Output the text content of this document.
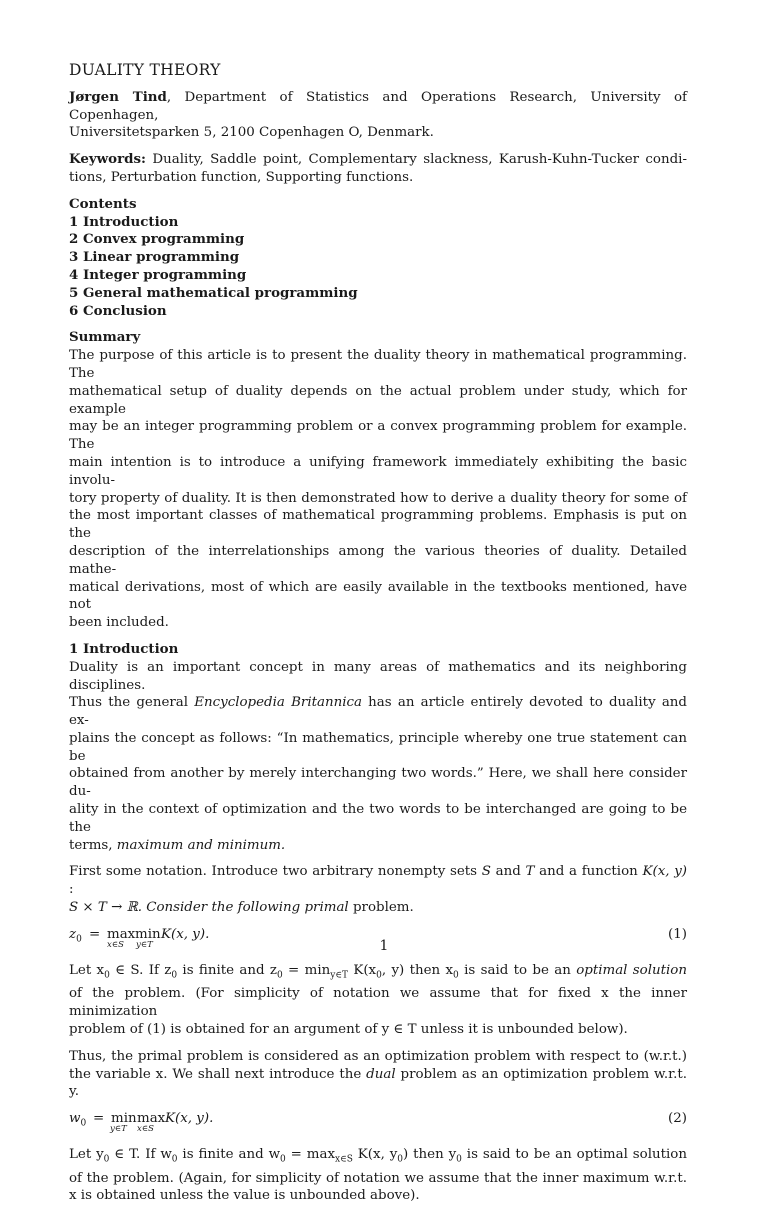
DUALITY THEORY
Jørgen Tind, Department of Statistics and Operations Research, University of Copenhagen,
Universitetsparken 5, 2100 Copenhagen O, Denmark.
Keywords: Duality, Saddle point, Complementary slackness, Karush-Kuhn-Tucker condi-
tions, Perturbation function, Supporting functions.
Contents
1 Introduction
2 Convex programming
3 Linear programming
4 Integer programming
5 General mathematical programming
6 Conclusion
Summary
The purpose of this article is to present the duality theory in mathematical programming. The
mathematical setup of duality depends on the actual problem under study, which for example
may be an integer programming problem or a convex programming problem for example. The
main intention is to introduce a unifying framework immediately exhibiting the basic involu-
tory property of duality. It is then demonstrated how to derive a duality theory for some of
the most important classes of mathematical programming problems. Emphasis is put on the
description of the interrelationships among the various theories of duality. Detailed mathe-
matical derivations, most of which are easily available in the textbooks mentioned, have not
been included.
1 Introduction
Duality is an important concept in many areas of mathematics and its neighboring disciplines.
Thus the general Encyclopedia Britannica has an article entirely devoted to duality and ex-
plains the concept as follows: “In mathematics, principle whereby one true statement can be
obtained from another by merely interchanging two words.” Here, we shall here consider du-
ality in the context of optimization and the two words to be interchanged are going to be the
terms, maximum and minimum.
First some notation. Introduce two arbitrary nonempty sets S and T and a function K(x, y) :
S × T → ℝ. Consider the following primal problem.
$z_0 = \max$
x∈S
min
y∈T
K(x, y).	(1)
Let $x_0$ ∈ S. If $z_0$ is finite and $z_0 = \min_{y\in T} K(x_0$, y) then $x_0$ is said to be an optimal solution
of the problem. (For simplicity of notation we assume that for fixed x the inner minimization
problem of (1) is obtained for an argument of y ∈ T unless it is unbounded below).
Thus, the primal problem is considered as an optimization problem with respect to (w.r.t.)
the variable x. We shall next introduce the dual problem as an optimization problem w.r.t. y.
$w_0 = \min$
y∈T
max
x∈S
K(x, y).	(2)
Let $y_0$ ∈ T. If $w_0$ is finite and $w_0 = \max_{x\in S} K(x$, $y_0$) then $y_0$ is said to be an optimal solution
of the problem. (Again, for simplicity of notation we assume that the inner maximum w.r.t.
x is obtained unless the value is unbounded above).
1
